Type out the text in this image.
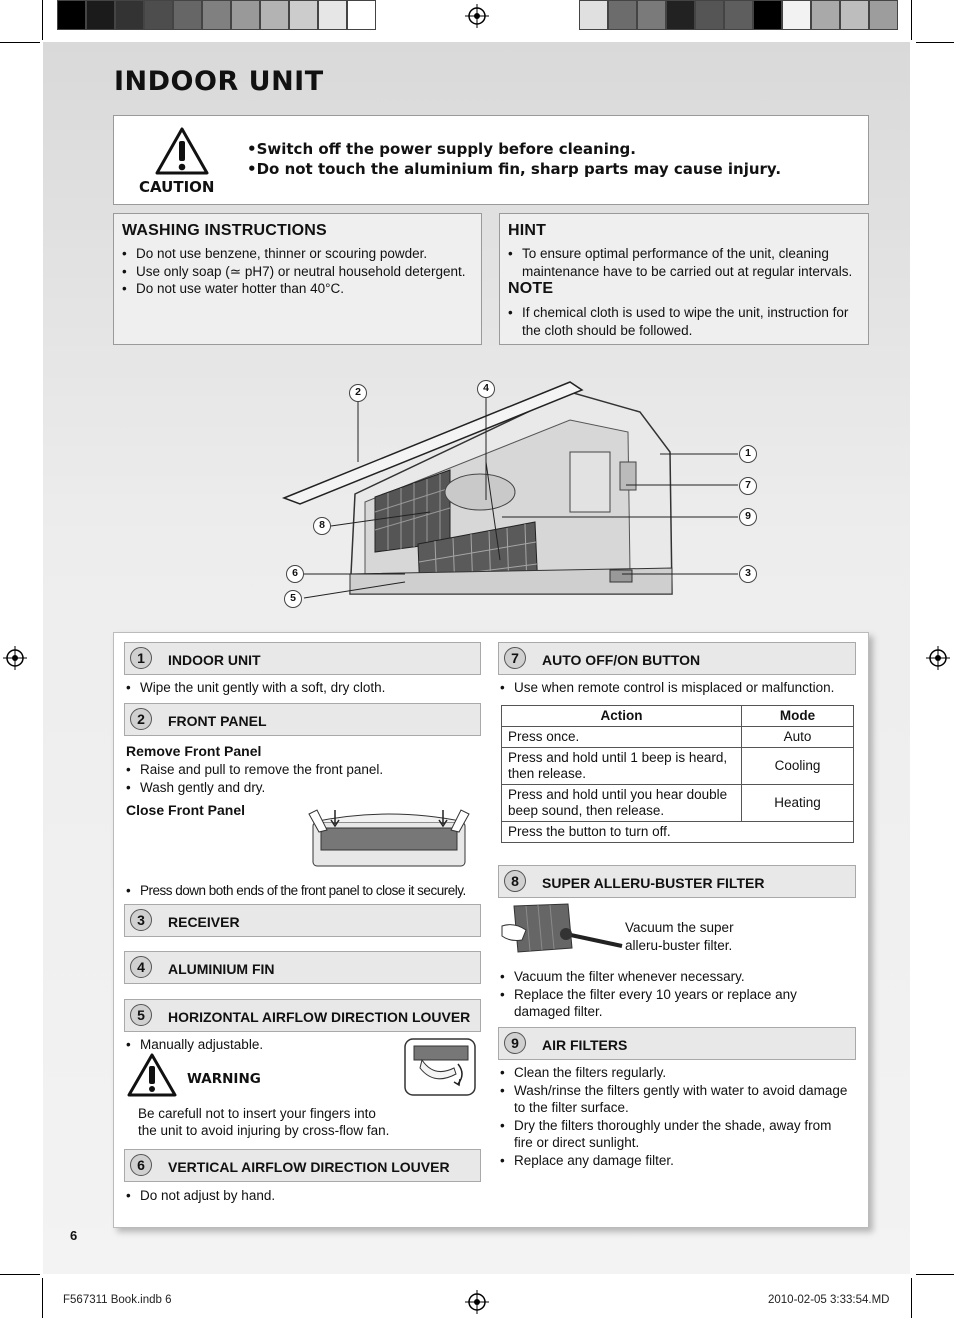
INDOOR UNIT
CAUTION
•Switch off the power supply before cleaning.
•Do not touch the aluminium fin, sharp parts may cause injury.
WASHING INSTRUCTIONS
• Do not use benzene, thinner or scouring powder.
• Use only soap (≃ pH7) or neutral household detergent.
• Do not use water hotter than 40°C.
HINT
• To ensure optimal performance of the unit, cleaning maintenance have to be carried out at regular intervals.
NOTE
• If chemical cloth is used to wipe the unit, instruction for the cloth should be followed.
2	4
1
7
9
8
3
6
5
1	INDOOR UNIT
• Wipe the unit gently with a soft, dry cloth.
2	FRONT PANEL
Remove Front Panel
• Raise and pull to remove the front panel.
• Wash gently and dry.
Close Front Panel
• Press down both ends of the front panel to close it securely.
3	RECEIVER
4	ALUMINIUM FIN
5	HORIZONTAL AIRFLOW DIRECTION LOUVER
• Manually adjustable.
WARNING
Be carefull not to insert your fingers into
the unit to avoid injuring by cross-flow fan.
6	VERTICAL AIRFLOW DIRECTION LOUVER
• Do not adjust by hand.
7	AUTO OFF/ON BUTTON
• Use when remote control is misplaced or malfunction.
Action	Mode
Press once.	Auto
Press and hold until 1 beep is heard, then release.	Cooling
Press and hold until you hear double beep sound, then release.	Heating
Press the button to turn off.	
8	SUPER ALLERU-BUSTER FILTER
Vacuum the super
alleru-buster filter.
• Vacuum the filter whenever necessary.
• Replace the filter every 10 years or replace any damaged filter.
9	AIR FILTERS
• Clean the filters regularly.
• Wash/rinse the filters gently with water to avoid damage to the filter surface.
• Dry the filters thoroughly under the shade, away from fire or direct sunlight.
• Replace any damage filter.
6
F567311 Book.indb 6	2010-02-05 3:33:54.MD
